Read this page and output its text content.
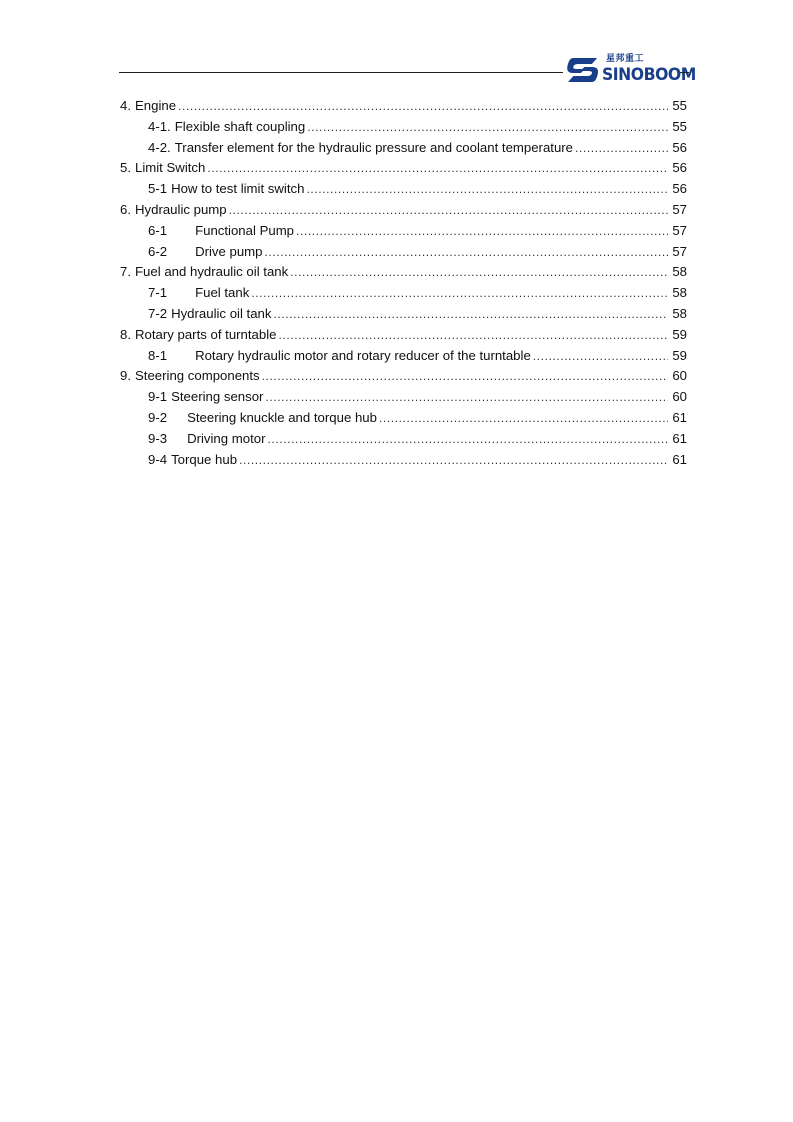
星邦重工
SINOBOOM
4. Engine .....	55
4-1. Flexible shaft coupling .....	55
4-2. Transfer element for the hydraulic pressure and coolant temperature .....	56
5. Limit Switch .....	56
5-1 How to test limit switch .....	56
6. Hydraulic pump .....	57
6-1 Functional Pump .....	57
6-2 Drive pump .....	57
7. Fuel and hydraulic oil tank .....	58
7-1 Fuel tank .....	58
7-2 Hydraulic oil tank .....	58
8. Rotary parts of turntable .....	59
8-1 Rotary hydraulic motor and rotary reducer of the turntable .....	59
9. Steering components .....	60
9-1 Steering sensor .....	60
9-2 Steering knuckle and torque hub .....	61
9-3 Driving motor .....	61
9-4 Torque hub .....	61
